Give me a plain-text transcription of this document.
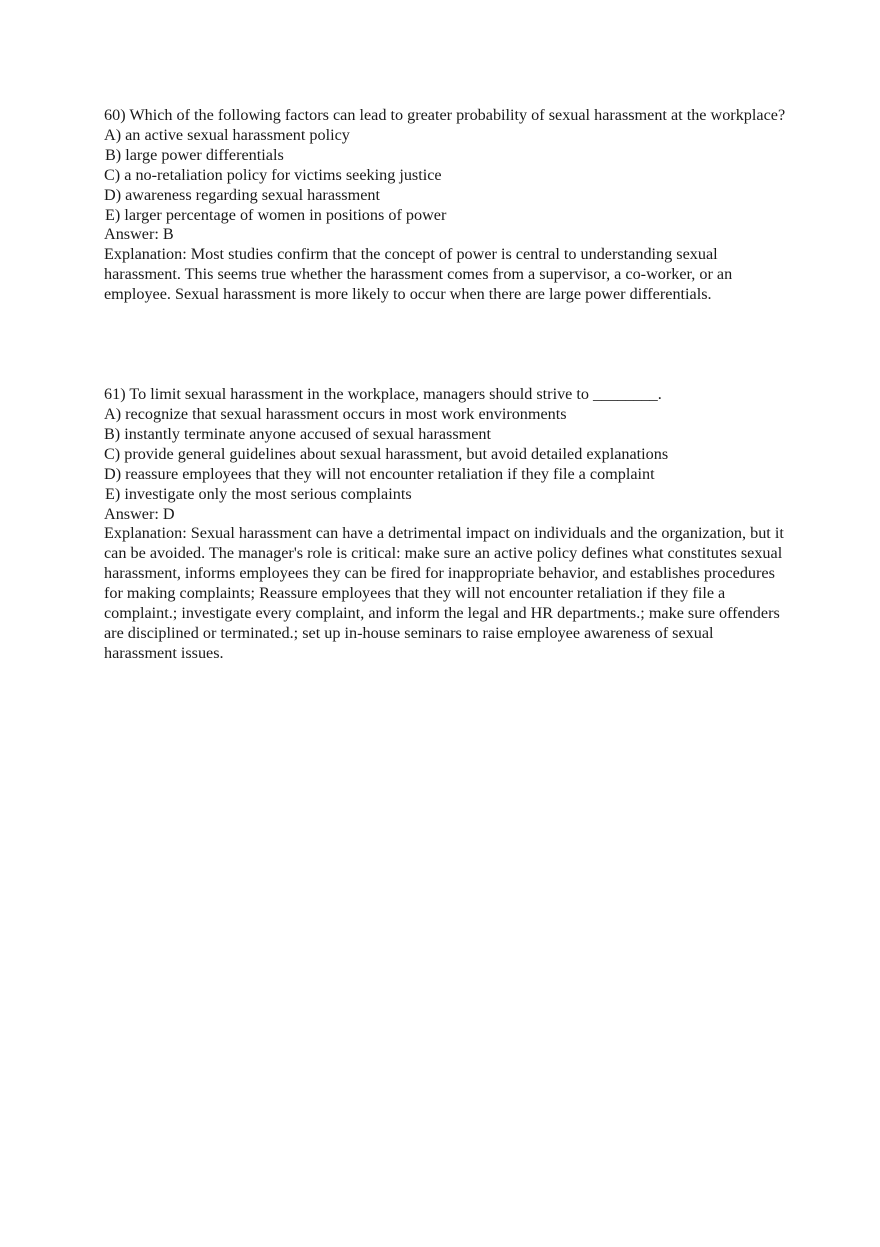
60) Which of the following factors can lead to greater probability of sexual harassment at the workplace?
A) an active sexual harassment policy
B) large power differentials
C) a no-retaliation policy for victims seeking justice
D) awareness regarding sexual harassment
E) larger percentage of women in positions of power
Answer: B
Explanation: Most studies confirm that the concept of power is central to understanding sexual harassment. This seems true whether the harassment comes from a supervisor, a co-worker, or an employee. Sexual harassment is more likely to occur when there are large power differentials.
61) To limit sexual harassment in the workplace, managers should strive to ________.
A) recognize that sexual harassment occurs in most work environments
B) instantly terminate anyone accused of sexual harassment
C) provide general guidelines about sexual harassment, but avoid detailed explanations
D) reassure employees that they will not encounter retaliation if they file a complaint
E) investigate only the most serious complaints
Answer: D
Explanation: Sexual harassment can have a detrimental impact on individuals and the organization, but it can be avoided. The manager's role is critical: make sure an active policy defines what constitutes sexual harassment, informs employees they can be fired for inappropriate behavior, and establishes procedures for making complaints; Reassure employees that they will not encounter retaliation if they file a complaint.; investigate every complaint, and inform the legal and HR departments.; make sure offenders are disciplined or terminated.; set up in-house seminars to raise employee awareness of sexual harassment issues.
